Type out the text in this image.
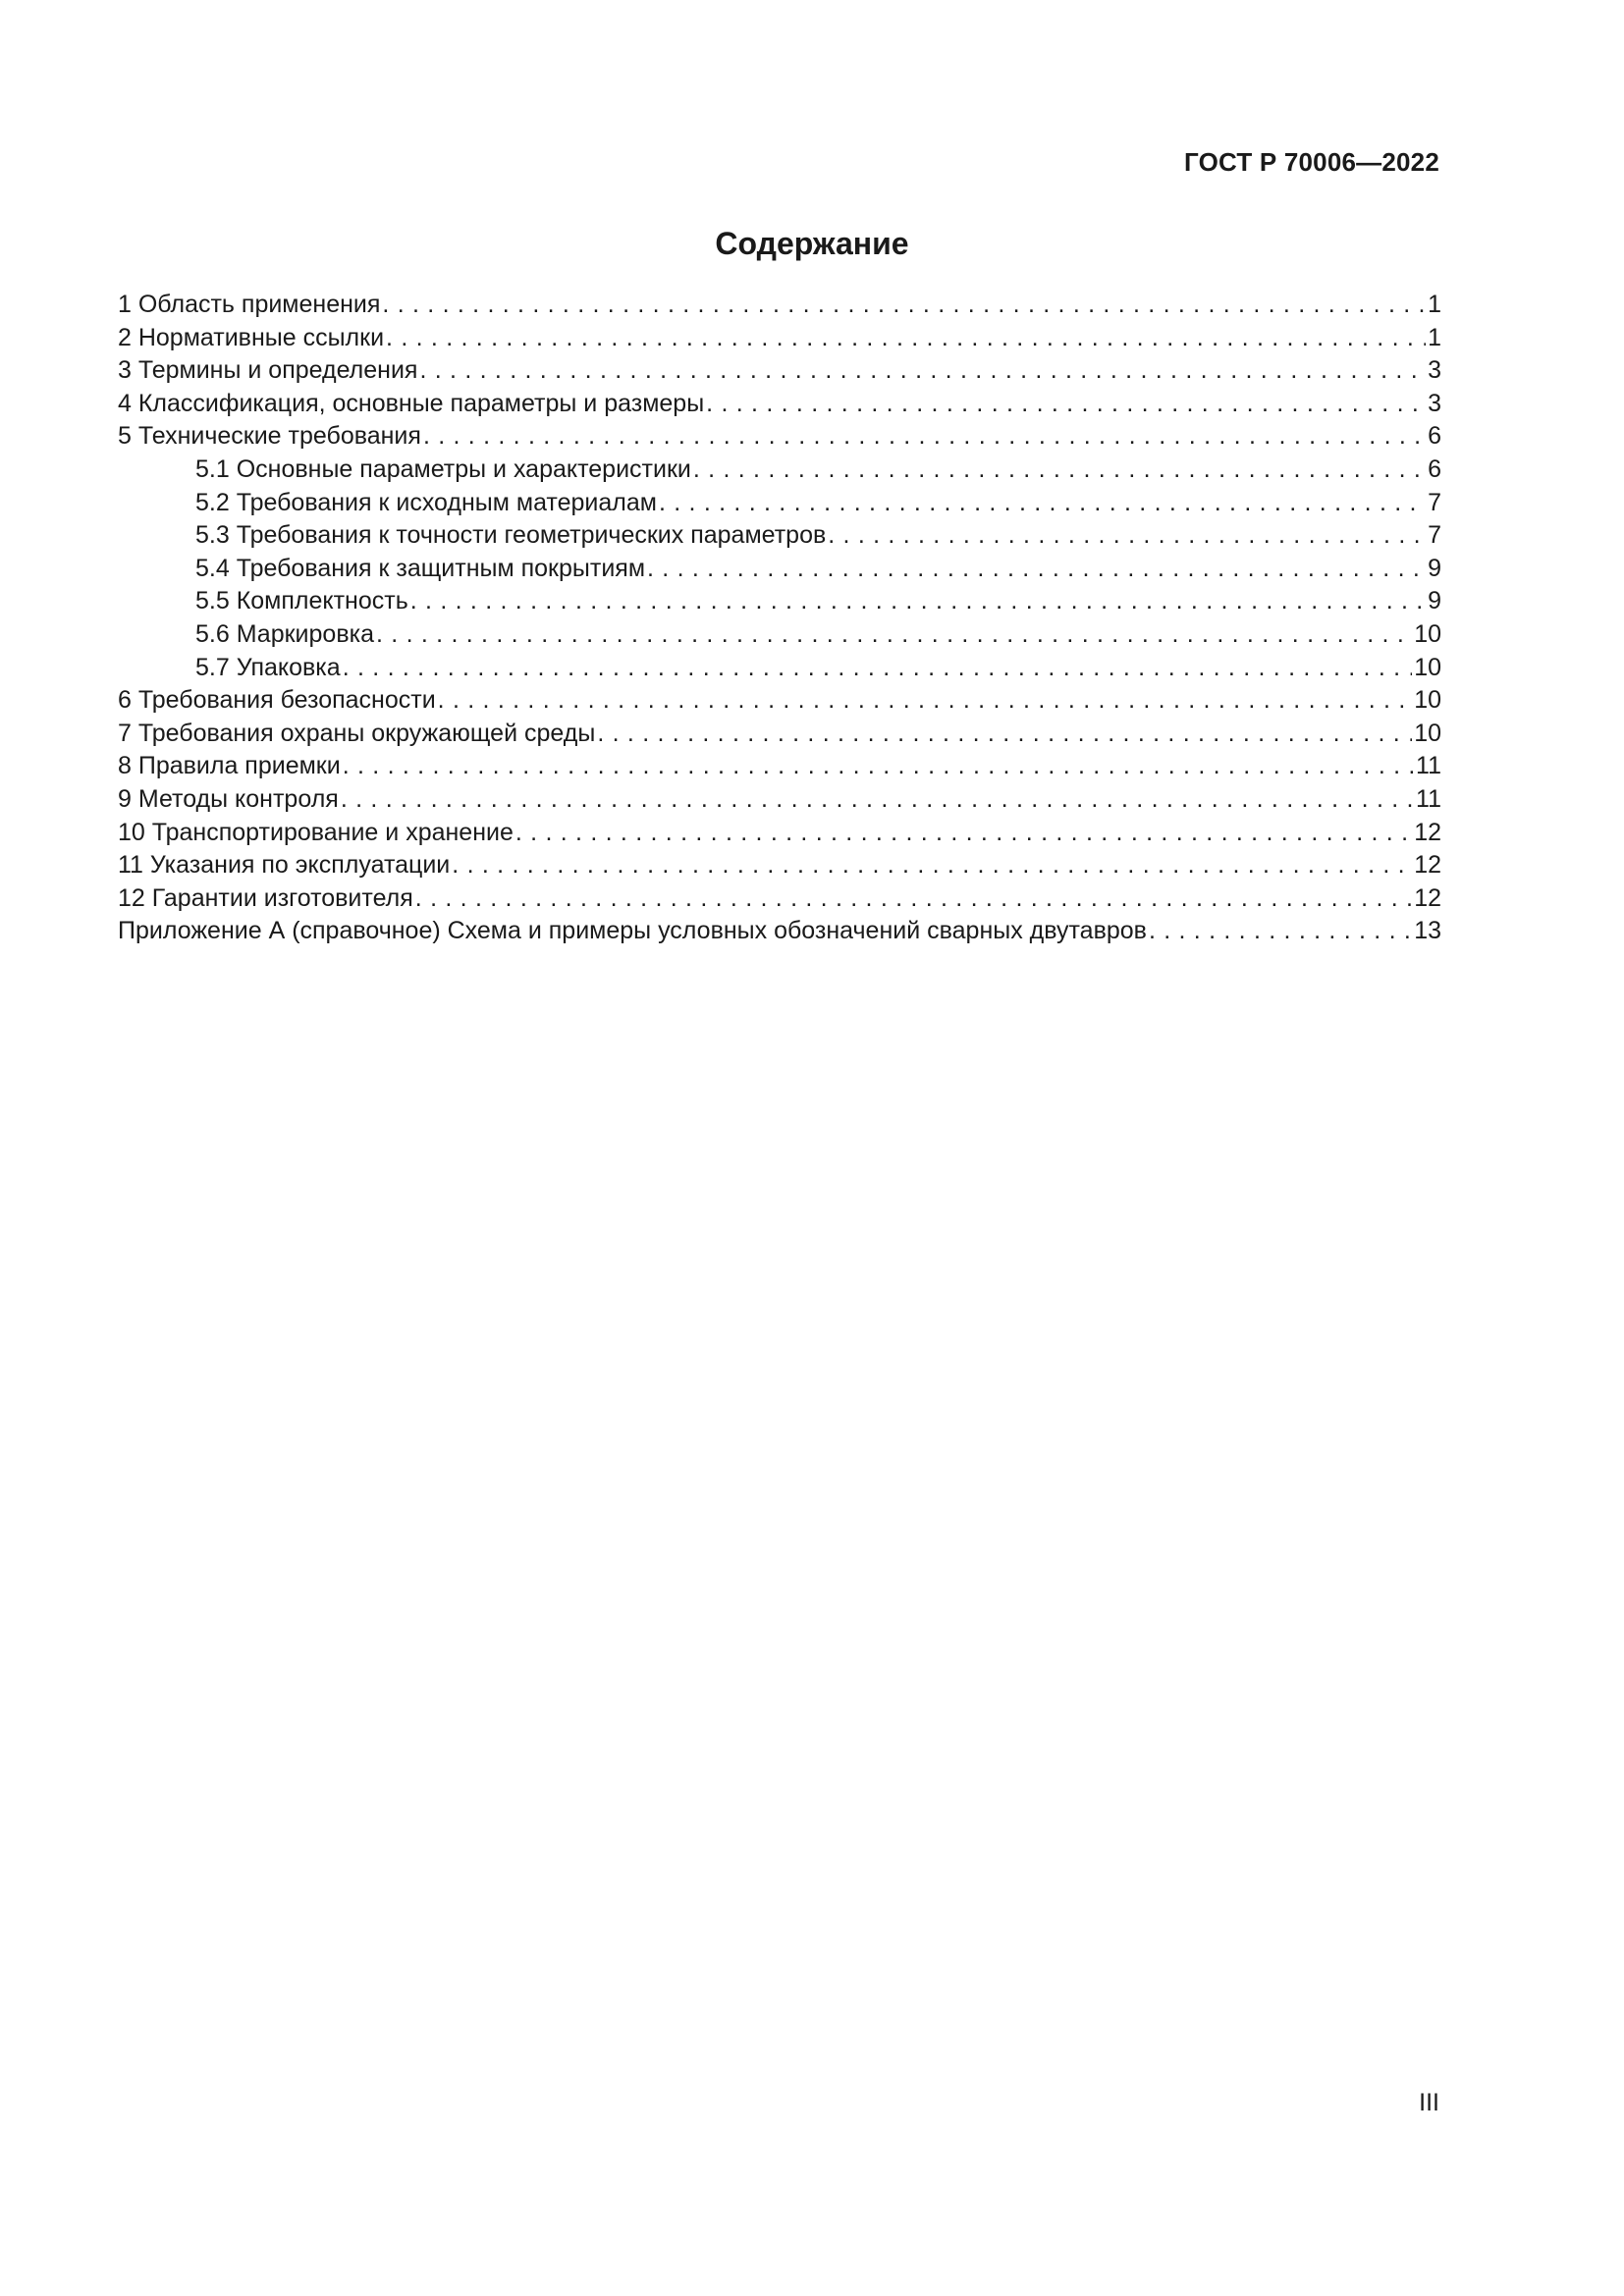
ГОСТ Р 70006—2022
Содержание
1 Область применения . . .	1
2 Нормативные ссылки . . .	1
3 Термины и определения . . .	3
4 Классификация, основные параметры и размеры . . .	3
5 Технические требования . . .	6
5.1 Основные параметры и характеристики . . .	6
5.2 Требования к исходным материалам . . .	7
5.3 Требования к точности геометрических параметров . . .	7
5.4 Требования к защитным покрытиям . . .	9
5.5 Комплектность . . .	9
5.6 Маркировка . . .	10
5.7 Упаковка . . .	10
6 Требования безопасности . . .	10
7 Требования охраны окружающей среды . . .	10
8 Правила приемки . . .	11
9 Методы контроля . . .	11
10 Транспортирование и хранение . . .	12
11 Указания по эксплуатации . . .	12
12 Гарантии изготовителя . . .	12
Приложение А (справочное) Схема и примеры условных обозначений сварных двутавров . . .	13
III
